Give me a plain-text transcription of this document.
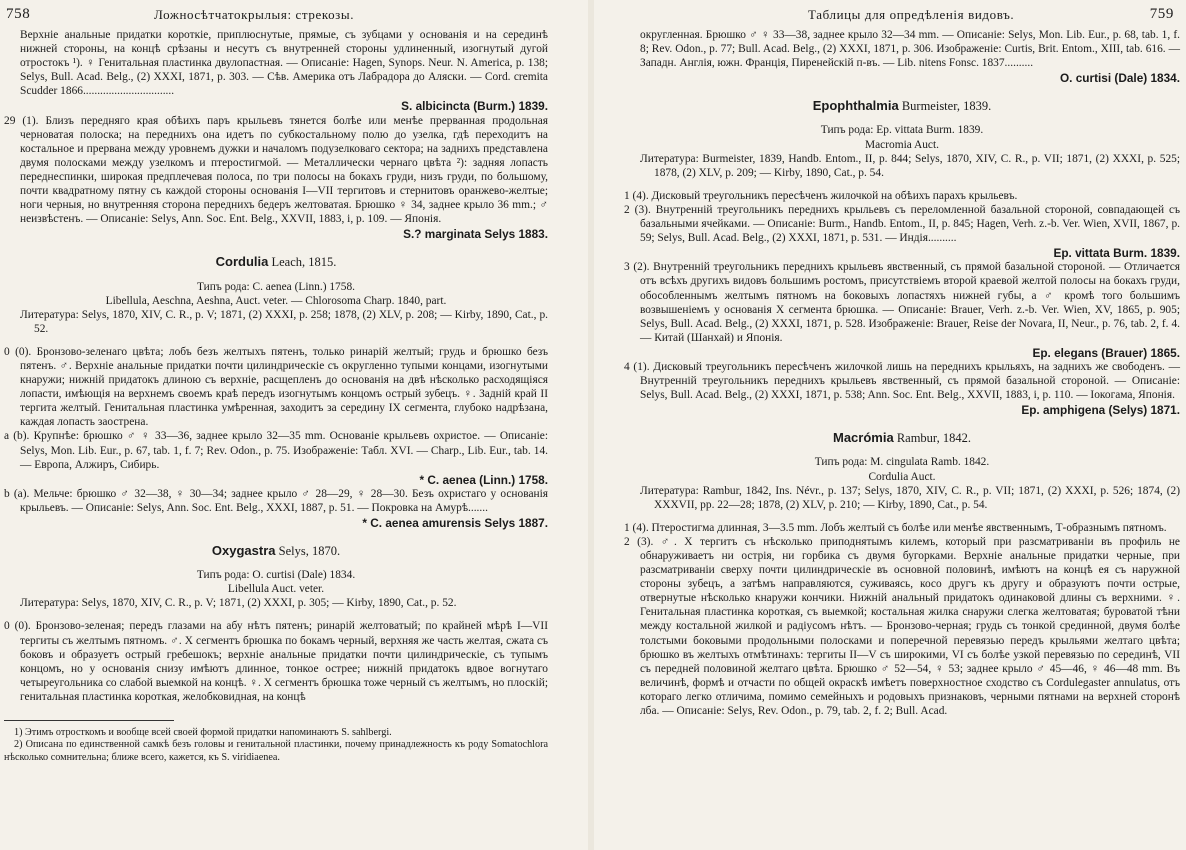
758	Ложносѣтчатокрылыя: стрекозы.

Верхніе анальные придатки короткіе, приплюснутые, прямые, съ зубцами у основанія и на серединѣ нижней стороны, на концѣ срѣзаны и несутъ съ внутренней стороны удлиненный, изогнутый дугой отростокъ ¹). ♀ Генитальная пластинка двулопастная. — Описаніе: Hagen, Synops. Neur. N. America, p. 138; Selys, Bull. Acad. Belg., (2) XXXI, 1871, p. 303. — Сѣв. Америка отъ Лабрадора до Аляски. — Cord. cremita Scudder 1866................................

S. albicincta (Burm.) 1839.

29 (1). Близъ передняго края обѣихъ паръ крыльевъ тянется болѣе или менѣе прерванная продольная черноватая полоска; на переднихъ она идетъ по субкостальному полю до узелка, гдѣ переходитъ на костальное и прервана между уровнемъ дужки и началомъ подузелковаго сектора; на заднихъ представлена двумя полосками между узелкомъ и птеростигмой. — Металлически чернаго цвѣта ²): задняя лопасть переднеспинки, широкая предплечевая полоса, по три полосы на бокахъ груди, низъ груди, по большому, почти квадратному пятну съ каждой стороны основанія I—VII тергитовъ и стернитовъ оранжево-желтые; ноги черныя, но внутренняя сторона переднихъ бедеръ желтоватая. Брюшко ♀ 34, заднее крыло 36 mm.; ♂ неизвѣстенъ. — Описаніе: Selys, Ann. Soc. Ent. Belg., XXVII, 1883, i, p. 109. — Японія.

S.? marginata Selys 1883.

Cordulia Leach, 1815.

Типъ рода: C. aenea (Linn.) 1758.

Libellula, Aeschna, Aeshna, Auct. veter. — Chlorosoma Charp. 1840, part.

Литература: Selys, 1870, XIV, C. R., p. V; 1871, (2) XXXI, p. 258; 1878, (2) XLV, p. 208; — Kirby, 1890, Cat., p. 52.

0 (0). Бронзово-зеленаго цвѣта; лобъ безъ желтыхъ пятенъ, только ринарій желтый; грудь и брюшко безъ пятенъ. ♂. Верхніе анальные придатки почти цилиндрическіе съ округленно тупыми концами, изогнутыми кнаружи; нижній придатокъ длиною съ верхніе, расщепленъ до основанія на двѣ нѣсколько расходящіяся лопасти, имѣющія на верхнемъ своемъ краѣ передъ изогнутымъ концомъ острый зубецъ. ♀. Задній край II тергита желтый. Генитальная пластинка умѣренная, заходитъ за середину IX сегмента, глубоко надрѣзана, каждая лопасть заострена.

a (b). Крупнѣе: брюшко ♂ ♀ 33—36, заднее крыло 32—35 mm. Основаніе крыльевъ охристое. — Описаніе: Selys, Mon. Lib. Eur., p. 67, tab. 1, f. 7; Rev. Odon., p. 75. Изображеніе: Табл. XVI. — Charp., Lib. Eur., tab. 14. — Европа, Алжиръ, Сибирь.

* C. aenea (Linn.) 1758.

b (a). Мельче: брюшко ♂ 32—38, ♀ 30—34; заднее крыло ♂ 28—29, ♀ 28—30. Безъ охристаго у основанія крыльевъ. — Описаніе: Selys, Ann. Soc. Ent. Belg., XXXI, 1887, p. 51. — Покровка на Амурѣ.......

* C. aenea amurensis Selys 1887.

Oxygastra Selys, 1870.

Типъ рода: O. curtisi (Dale) 1834.

Libellula Auct. veter.

Литература: Selys, 1870, XIV, C. R., p. V; 1871, (2) XXXI, p. 305; — Kirby, 1890, Cat., p. 52.

0 (0). Бронзово-зеленая; передъ глазами на абу нѣтъ пятенъ; ринарій желтоватый; по крайней мѣрѣ I—VII тергиты съ желтымъ пятномъ. ♂. X сегментъ брюшка по бокамъ черный, верхняя же часть желтая, сжата съ боковъ и образуетъ острый гребешокъ; верхніе анальные придатки почти цилиндрическіе, съ тупымъ концомъ, но у основанія снизу имѣютъ длинное, тонкое острее; нижній придатокъ вдвое вогнутаго четыреугольника со слабой выемкой на концѣ. ♀. X сегментъ брюшка тоже черный съ желтымъ, но плоскій; генитальная пластинка короткая, желобковидная, на концѣ

1) Этимъ отросткомъ и вообще всей своей формой придатки напоминаютъ S. sahlbergi.

2) Описана по единственной самкѣ безъ головы и генитальной пластинки, почему принадлежность къ роду Somatochlora нѣсколько сомнительна; ближе всего, кажется, къ S. viridiaenea.

Таблицы для опредѣленія видовъ.	759

округленная. Брюшко ♂ ♀ 33—38, заднее крыло 32—34 mm. — Описаніе: Selys, Mon. Lib. Eur., p. 68, tab. 1, f. 8; Rev. Odon., p. 77; Bull. Acad. Belg., (2) XXXI, 1871, p. 306. Изображеніе: Curtis, Brit. Entom., XIII, tab. 616. — Западн. Англія, южн. Франція, Пиренейскій п-въ. — Lib. nitens Fonsc. 1837..........

O. curtisi (Dale) 1834.

Epophthalmia Burmeister, 1839.

Типъ рода: Ep. vittata Burm. 1839.

Macromia Auct.

Литература: Burmeister, 1839, Handb. Entom., II, p. 844; Selys, 1870, XIV, C. R., p. VII; 1871, (2) XXXI, p. 525; 1878, (2) XLV, p. 209; — Kirby, 1890, Cat., p. 54.

1 (4). Дисковый треугольникъ пересѣченъ жилочкой на обѣихъ парахъ крыльевъ.

2 (3). Внутренній треугольникъ переднихъ крыльевъ съ переломленной базальной стороной, совпадающей съ базальными ячейками. — Описаніе: Burm., Handb. Entom., II, p. 845; Hagen, Verh. z.-b. Ver. Wien, XVII, 1867, p. 59; Selys, Bull. Acad. Belg., (2) XXXI, 1871, p. 531. — Индія..........

Ep. vittata Burm. 1839.

3 (2). Внутренній треугольникъ переднихъ крыльевъ явственный, съ прямой базальной стороной. — Отличается отъ всѣхъ другихъ видовъ большимъ ростомъ, присутствіемъ второй краевой желтой полосы на бокахъ груди, обособленнымъ желтымъ пятномъ на боковыхъ лопастяхъ нижней губы, а ♂ кромѣ того большимъ возвышеніемъ у основанія X сегмента брюшка. — Описаніе: Brauer, Verh. z.-b. Ver. Wien, XV, 1865, p. 905; Selys, Bull. Acad. Belg., (2) XXXI, 1871, p. 528. Изображеніе: Brauer, Reise der Novara, II, Neur., p. 76, tab. 2, f. 4. — Китай (Шанхай) и Японія.

Ep. elegans (Brauer) 1865.

4 (1). Дисковый треугольникъ пересѣченъ жилочкой лишь на переднихъ крыльяхъ, на заднихъ же свободенъ. — Внутренній треугольникъ переднихъ крыльевъ явственный, съ прямой базальной стороной. — Описаніе: Selys, Bull. Acad. Belg., (2) XXXI, 1871, p. 538; Ann. Soc. Ent. Belg., XXVII, 1883, i, p. 110. — Іокогама, Японія.

Ep. amphigena (Selys) 1871.

Macrómia Rambur, 1842.

Типъ рода: M. cingulata Ramb. 1842.

Cordulia Auct.

Литература: Rambur, 1842, Ins. Névr., p. 137; Selys, 1870, XIV, C. R., p. VII; 1871, (2) XXXI, p. 526; 1874, (2) XXXVII, pp. 22—28; 1878, (2) XLV, p. 210; — Kirby, 1890, Cat., p. 54.

1 (4). Птеростигма длинная, 3—3.5 mm. Лобъ желтый съ болѣе или менѣе явственнымъ, Т-образнымъ пятномъ.

2 (3). ♂. X тергитъ съ нѣсколько приподнятымъ килемъ, который при разсматриваніи въ профиль не обнаруживаетъ ни острія, ни горбика съ двумя бугорками. Верхніе анальные придатки черные, при разсматриваніи сверху почти цилиндрическіе въ основной половинѣ, имѣютъ на концѣ ея съ наружной стороны зубецъ, а затѣмъ направляются, суживаясь, косо другъ къ другу и образуютъ почти острые, отвернутые нѣсколько кнаружи кончики. Нижній анальный придатокъ одинаковой длины съ верхними. ♀. Генитальная пластинка короткая, съ выемкой; костальная жилка снаружи слегка желтоватая; буроватой тѣни между костальной жилкой и радіусомъ нѣтъ. — Бронзово-черная; грудь съ тонкой срединной, двумя болѣе толстыми боковыми продольными полосками и поперечной перевязью передъ крыльями желтаго цвѣта; брюшко въ желтыхъ отмѣтинахъ: тергиты II—V съ широкими, VI съ болѣе узкой перевязью по серединѣ, VII съ передней половиной желтаго цвѣта. Брюшко ♂ 52—54, ♀ 53; заднее крыло ♂ 45—46, ♀ 46—48 mm. Въ величинѣ, формѣ и отчасти по общей окраскѣ имѣетъ поверхностное сходство съ Cordulegaster annulatus, отъ котораго легко отличима, помимо семейныхъ и родовыхъ признаковъ, черными пятнами на верхней сторонѣ лба. — Описаніе: Selys, Rev. Odon., p. 79, tab. 2, f. 2; Bull. Acad.
